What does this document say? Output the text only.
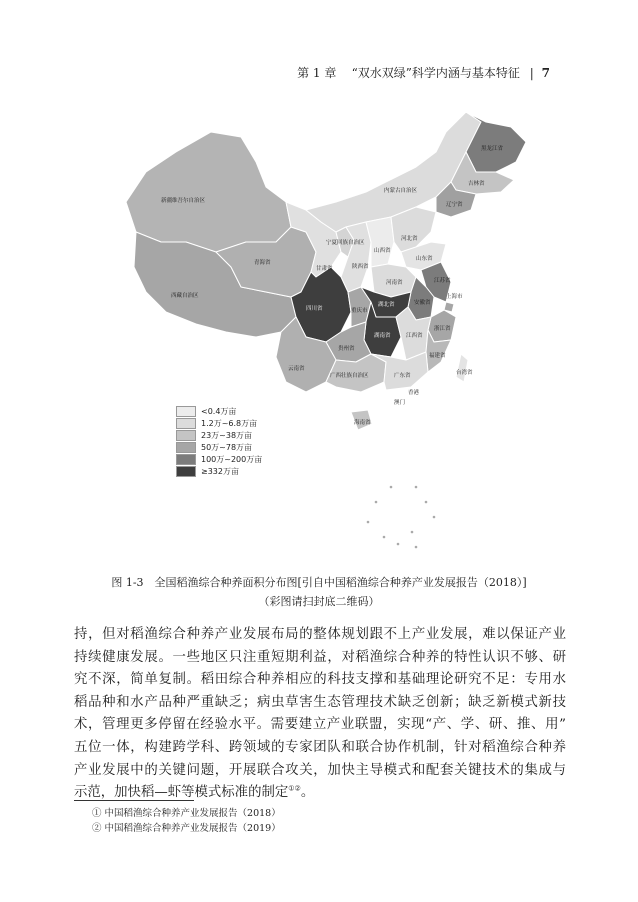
第 1 章 “双水双绿”科学内涵与基本特征 | 7
新疆维吾尔自治区
西藏自治区
青海省
甘肃省
内蒙古自治区
宁夏回族自治区
陕西省
山西省
黑龙江省
吉林省
辽宁省
河北省
山东省
河南省	江苏省
安徽省
上海市
浙江省
四川省	重庆市
湖北省
湖南省	江西省
福建省
贵州省
云南省
广西壮族自治区	广东省	台湾省
海南省
香港
澳门
<0.4万亩
1.2万~6.8万亩
23万~38万亩
50万~78万亩
100万~200万亩
≥332万亩
图 1-3　全国稻渔综合种养面积分布图[引自中国稻渔综合种养产业发展报告（2018）]
（彩图请扫封底二维码）
持，但对稻渔综合种养产业发展布局的整体规划跟不上产业发展，难以保证产业
持续健康发展。一些地区只注重短期利益，对稻渔综合种养的特性认识不够、研
究不深，简单复制。稻田综合种养相应的科技支撑和基础理论研究不足：专用水
稻品种和水产品种严重缺乏；病虫草害生态管理技术缺乏创新；缺乏新模式新技
术，管理更多停留在经验水平。需要建立产业联盟，实现“产、学、研、推、用”
五位一体，构建跨学科、跨领域的专家团队和联合协作机制，针对稻渔综合种养
产业发展中的关键问题，开展联合攻关，加快主导模式和配套关键技术的集成与
示范，加快稻—虾等模式标准的制定①②。
① 中国稻渔综合种养产业发展报告（2018）
② 中国稻渔综合种养产业发展报告（2019）
